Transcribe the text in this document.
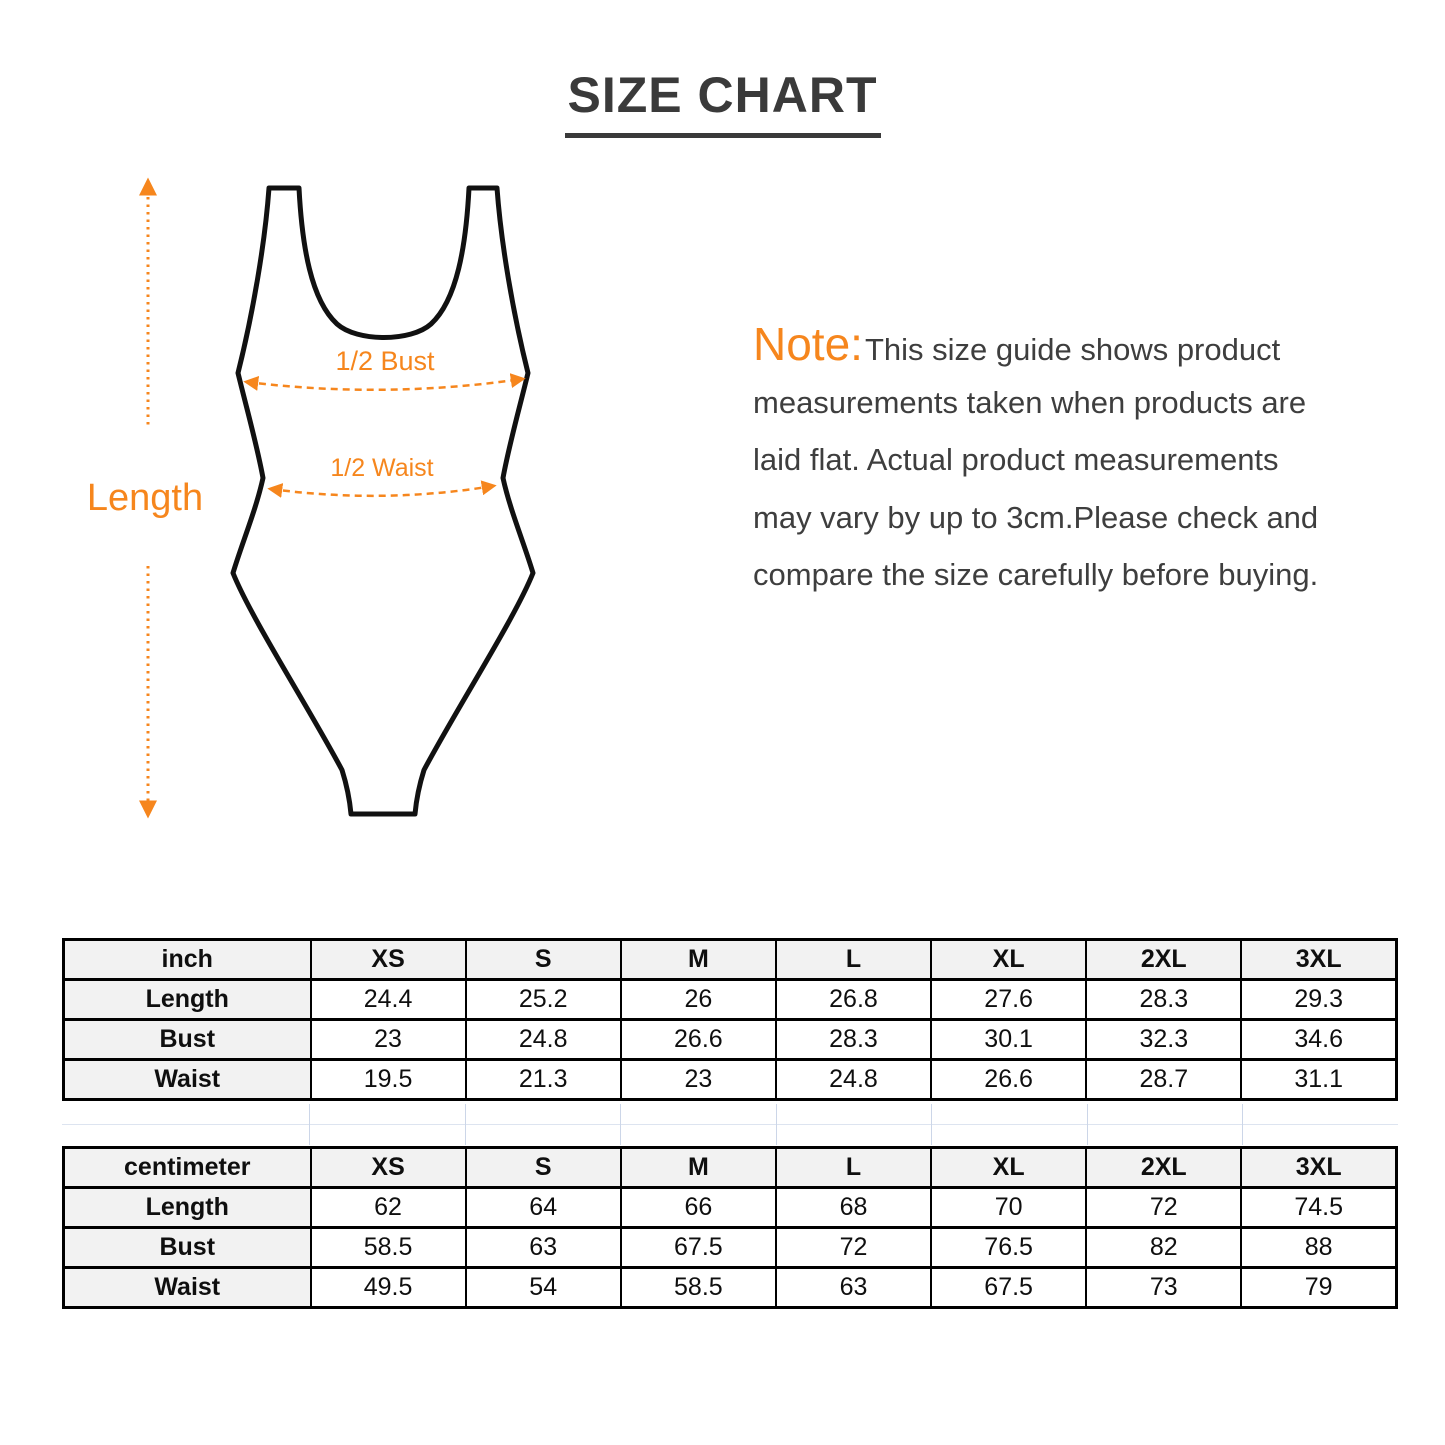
SIZE CHART
Length
1/2 Bust
1/2 Waist
Note:This size guide shows product
measurements taken when products are
laid flat. Actual product measurements
may vary by up to 3cm.Please check and
compare the size carefully before buying.
inch	XS	S	M	L	XL	2XL	3XL
Length	24.4	25.2	26	26.8	27.6	28.3	29.3
Bust	23	24.8	26.6	28.3	30.1	32.3	34.6
Waist	19.5	21.3	23	24.8	26.6	28.7	31.1
centimeter	XS	S	M	L	XL	2XL	3XL
Length	62	64	66	68	70	72	74.5
Bust	58.5	63	67.5	72	76.5	82	88
Waist	49.5	54	58.5	63	67.5	73	79
